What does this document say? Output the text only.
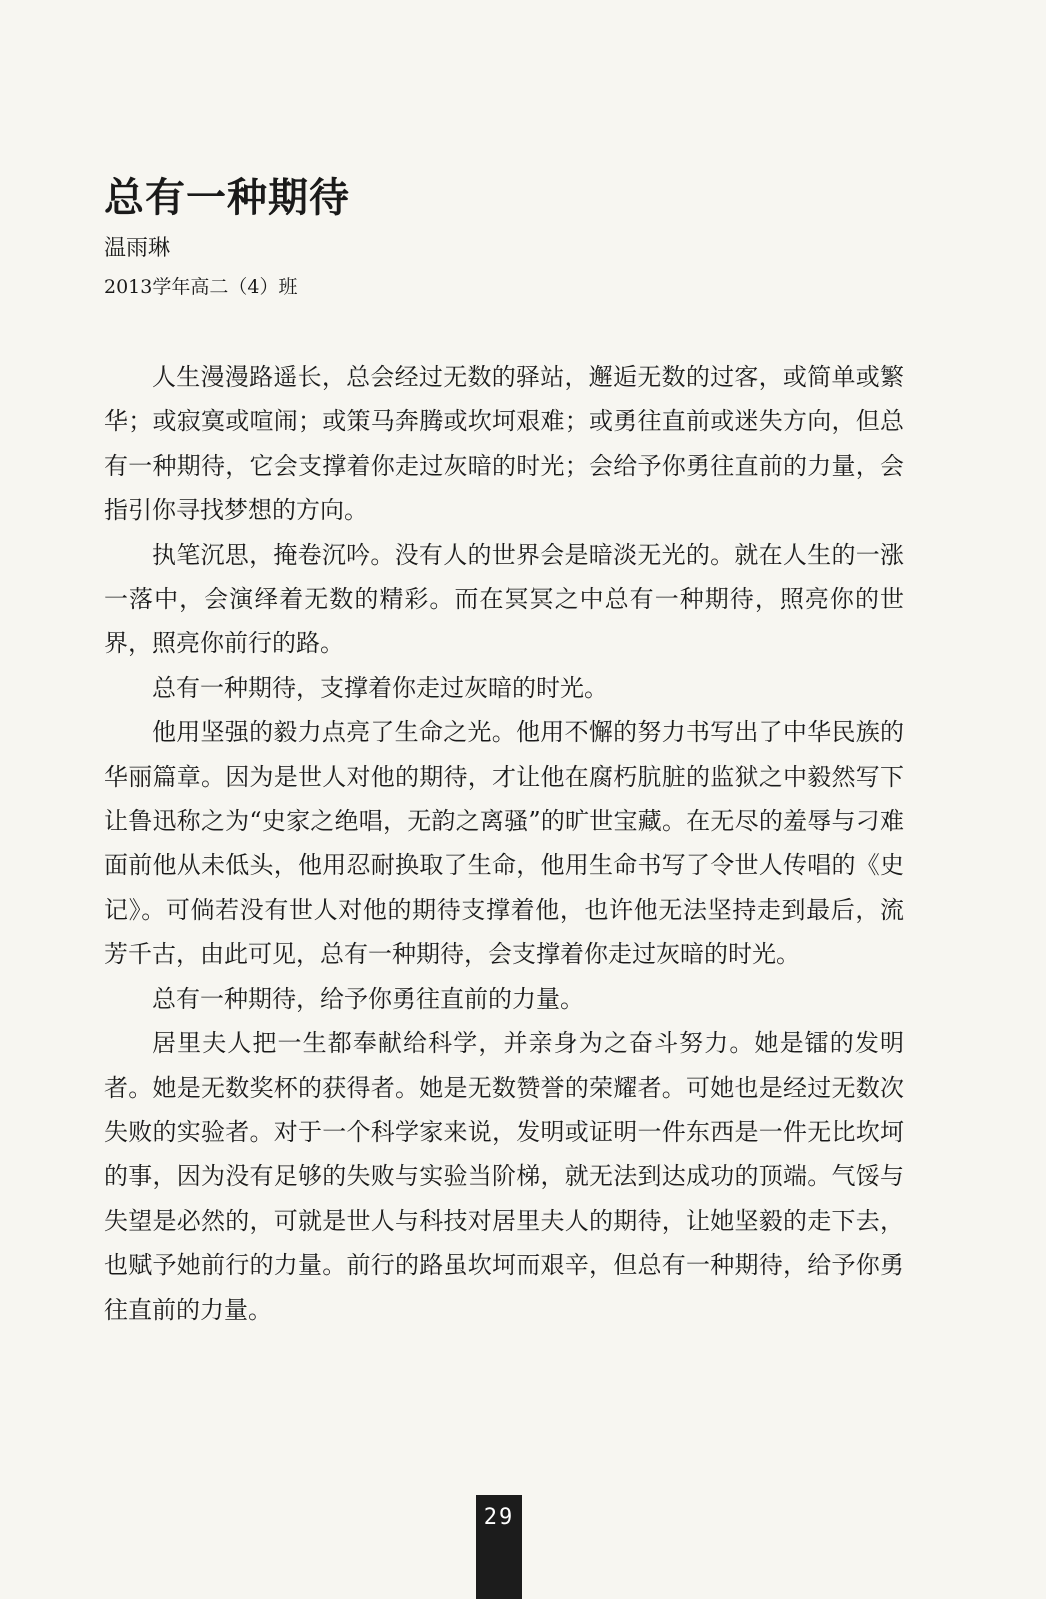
总有一种期待
温雨琳
2013学年高二（4）班

人生漫漫路遥长，总会经过无数的驿站，邂逅无数的过客，或简单或繁华；或寂寞或喧闹；或策马奔腾或坎坷艰难；或勇往直前或迷失方向，但总有一种期待，它会支撑着你走过灰暗的时光；会给予你勇往直前的力量，会指引你寻找梦想的方向。

执笔沉思，掩卷沉吟。没有人的世界会是暗淡无光的。就在人生的一涨一落中，会演绎着无数的精彩。而在冥冥之中总有一种期待，照亮你的世界，照亮你前行的路。

总有一种期待，支撑着你走过灰暗的时光。

他用坚强的毅力点亮了生命之光。他用不懈的努力书写出了中华民族的华丽篇章。因为是世人对他的期待，才让他在腐朽肮脏的监狱之中毅然写下让鲁迅称之为“史家之绝唱，无韵之离骚”的旷世宝藏。在无尽的羞辱与刁难面前他从未低头，他用忍耐换取了生命，他用生命书写了令世人传唱的《史记》。可倘若没有世人对他的期待支撑着他，也许他无法坚持走到最后，流芳千古，由此可见，总有一种期待，会支撑着你走过灰暗的时光。

总有一种期待，给予你勇往直前的力量。

居里夫人把一生都奉献给科学，并亲身为之奋斗努力。她是镭的发明者。她是无数奖杯的获得者。她是无数赞誉的荣耀者。可她也是经过无数次失败的实验者。对于一个科学家来说，发明或证明一件东西是一件无比坎坷的事，因为没有足够的失败与实验当阶梯，就无法到达成功的顶端。气馁与失望是必然的，可就是世人与科技对居里夫人的期待，让她坚毅的走下去，也赋予她前行的力量。前行的路虽坎坷而艰辛，但总有一种期待，给予你勇往直前的力量。

29
